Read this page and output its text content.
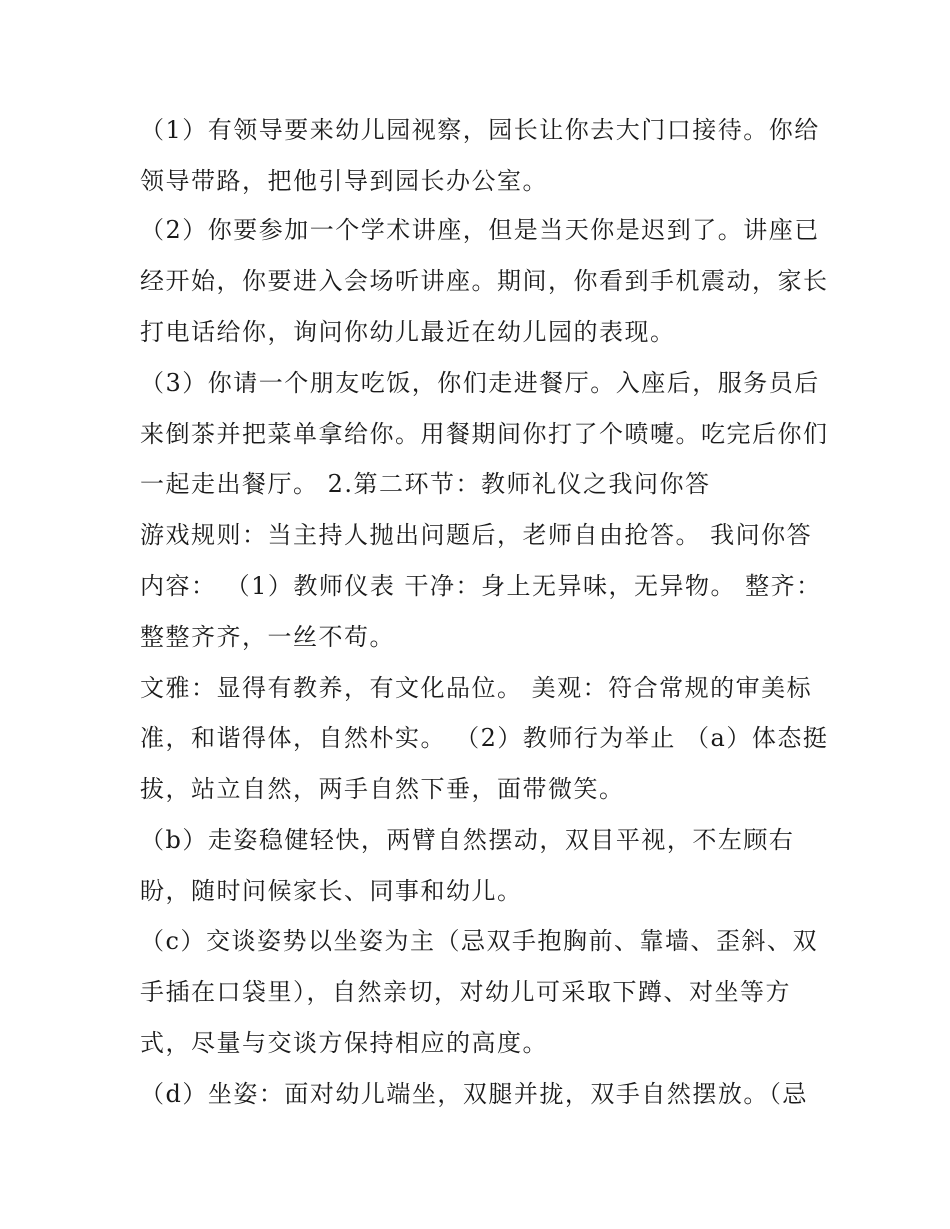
（1）有领导要来幼儿园视察，园长让你去大门口接待。你给
领导带路，把他引导到园长办公室。
（2）你要参加一个学术讲座，但是当天你是迟到了。讲座已
经开始，你要进入会场听讲座。期间，你看到手机震动，家长
打电话给你，询问你幼儿最近在幼儿园的表现。
（3）你请一个朋友吃饭，你们走进餐厅。入座后，服务员后
来倒茶并把菜单拿给你。用餐期间你打了个喷嚏。吃完后你们
一起走出餐厅。 2.第二环节：教师礼仪之我问你答
游戏规则：当主持人抛出问题后，老师自由抢答。 我问你答
内容： （1）教师仪表 干净：身上无异味，无异物。 整齐：
整整齐齐，一丝不苟。
文雅：显得有教养，有文化品位。 美观：符合常规的审美标
准，和谐得体，自然朴实。 （2）教师行为举止 （a）体态挺
拔，站立自然，两手自然下垂，面带微笑。
（b）走姿稳健轻快，两臂自然摆动，双目平视，不左顾右
盼，随时问候家长、同事和幼儿。
（c）交谈姿势以坐姿为主（忌双手抱胸前、靠墙、歪斜、双
手插在口袋里），自然亲切，对幼儿可采取下蹲、对坐等方
式，尽量与交谈方保持相应的高度。
（d）坐姿：面对幼儿端坐，双腿并拢，双手自然摆放。（忌
